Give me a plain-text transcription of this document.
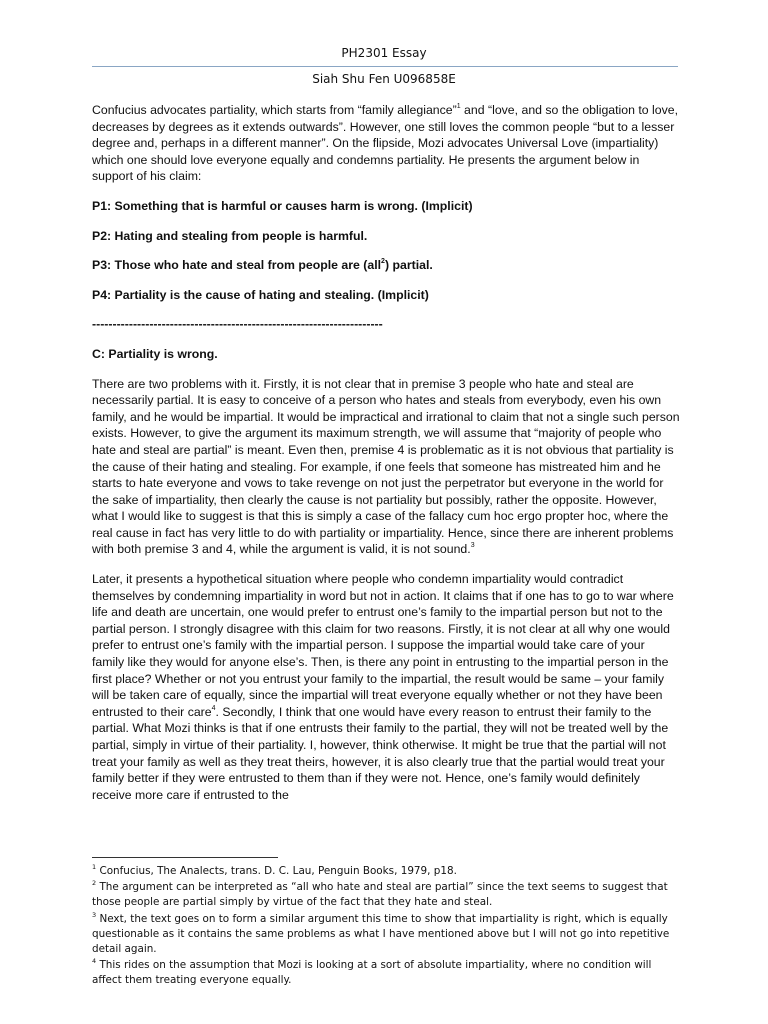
PH2301 Essay
Siah Shu Fen U096858E

Confucius advocates partiality, which starts from “family allegiance”$^1$ and “love, and so the obligation to love, decreases by degrees as it extends outwards”. However, one still loves the common people “but to a lesser degree and, perhaps in a different manner”. On the flipside, Mozi advocates Universal Love (impartiality) which one should love everyone equally and condemns partiality. He presents the argument below in support of his claim:

P1: Something that is harmful or causes harm is wrong. (Implicit)

P2: Hating and stealing from people is harmful.

P3: Those who hate and steal from people are (all$^2$) partial.

P4: Partiality is the cause of hating and stealing. (Implicit)

-----------------------------------------------------------------------

C: Partiality is wrong.

There are two problems with it. Firstly, it is not clear that in premise 3 people who hate and steal are necessarily partial. It is easy to conceive of a person who hates and steals from everybody, even his own family, and he would be impartial. It would be impractical and irrational to claim that not a single such person exists. However, to give the argument its maximum strength, we will assume that “majority of people who hate and steal are partial” is meant. Even then, premise 4 is problematic as it is not obvious that partiality is the cause of their hating and stealing. For example, if one feels that someone has mistreated him and he starts to hate everyone and vows to take revenge on not just the perpetrator but everyone in the world for the sake of impartiality, then clearly the cause is not partiality but possibly, rather the opposite. However, what I would like to suggest is that this is simply a case of the fallacy cum hoc ergo propter hoc, where the real cause in fact has very little to do with partiality or impartiality. Hence, since there are inherent problems with both premise 3 and 4, while the argument is valid, it is not sound.$^3$

Later, it presents a hypothetical situation where people who condemn impartiality would contradict themselves by condemning impartiality in word but not in action. It claims that if one has to go to war where life and death are uncertain, one would prefer to entrust one’s family to the impartial person but not to the partial person. I strongly disagree with this claim for two reasons. Firstly, it is not clear at all why one would prefer to entrust one’s family with the impartial person. I suppose the impartial would take care of your family like they would for anyone else’s. Then, is there any point in entrusting to the impartial person in the first place? Whether or not you entrust your family to the impartial, the result would be same – your family will be taken care of equally, since the impartial will treat everyone equally whether or not they have been entrusted to their care$^4$. Secondly, I think that one would have every reason to entrust their family to the partial. What Mozi thinks is that if one entrusts their family to the partial, they will not be treated well by the partial, simply in virtue of their partiality. I, however, think otherwise. It might be true that the partial will not treat your family as well as they treat theirs, however, it is also clearly true that the partial would treat your family better if they were entrusted to them than if they were not. Hence, one’s family would definitely receive more care if entrusted to the

$^1$ Confucius, The Analects, trans. D. C. Lau, Penguin Books, 1979, p18.
$^2$ The argument can be interpreted as “all who hate and steal are partial” since the text seems to suggest that those people are partial simply by virtue of the fact that they hate and steal.
$^3$ Next, the text goes on to form a similar argument this time to show that impartiality is right, which is equally questionable as it contains the same problems as what I have mentioned above but I will not go into repetitive detail again.
$^4$ This rides on the assumption that Mozi is looking at a sort of absolute impartiality, where no condition will affect them treating everyone equally.
